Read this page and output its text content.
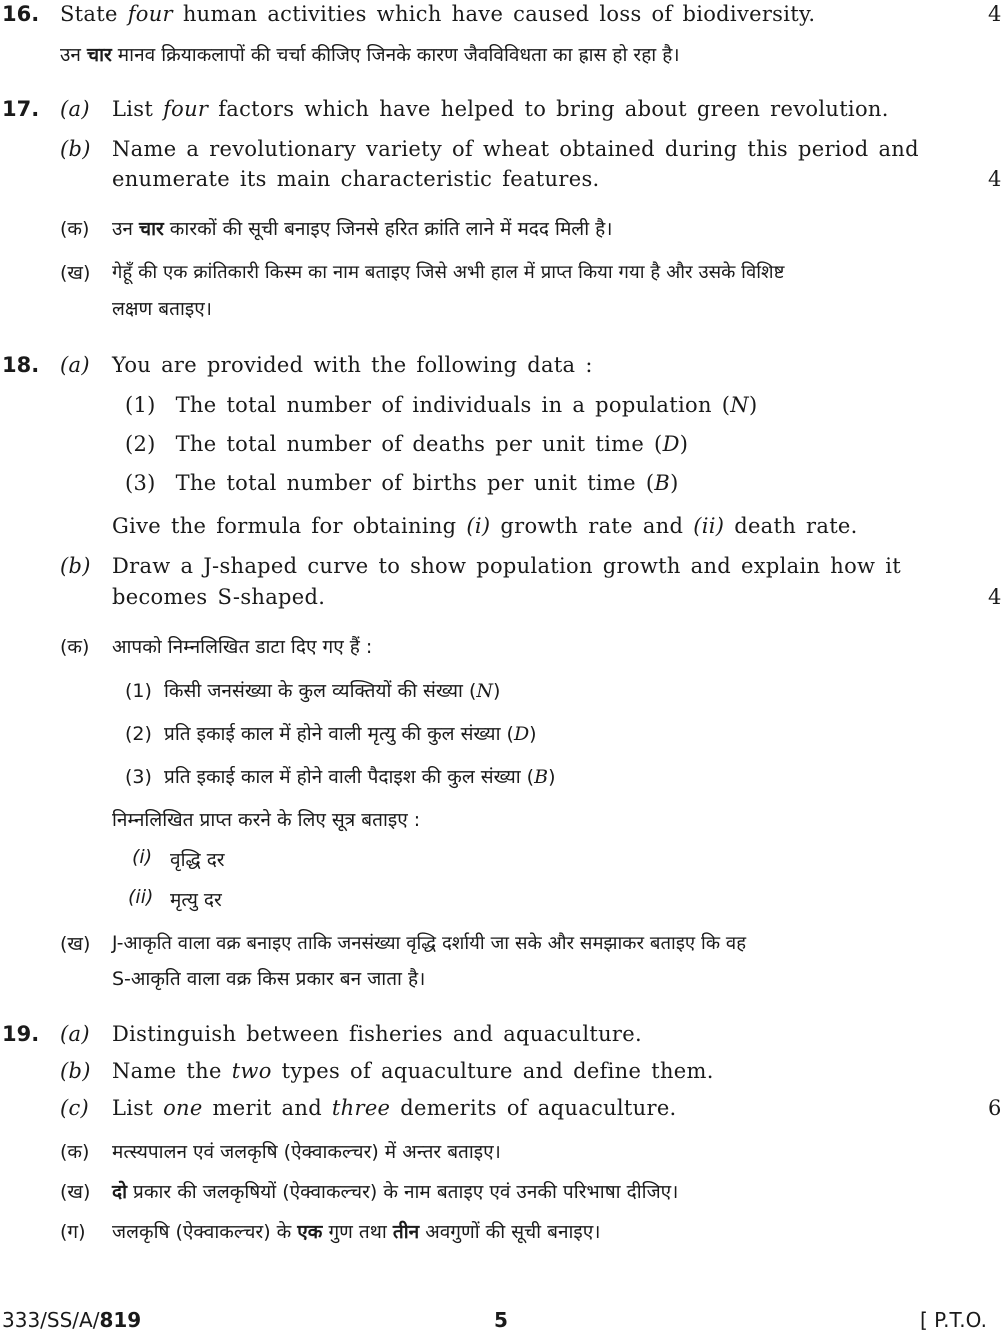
16. State four human activities which have caused loss of biodiversity.	4
उन चार मानव क्रियाकलापों की चर्चा कीजिए जिनके कारण जैवविविधता का ह्रास हो रहा है।
17. (a) List four factors which have helped to bring about green revolution.
(b) Name a revolutionary variety of wheat obtained during this period and
enumerate its main characteristic features.	4
(क) उन चार कारकों की सूची बनाइए जिनसे हरित क्रांति लाने में मदद मिली है।
(ख) गेहूँ की एक क्रांतिकारी किस्म का नाम बताइए जिसे अभी हाल में प्राप्त किया गया है और उसके विशिष्ट
लक्षण बताइए।
18. (a) You are provided with the following data :
(1) The total number of individuals in a population (N)
(2) The total number of deaths per unit time (D)
(3) The total number of births per unit time (B)
Give the formula for obtaining (i) growth rate and (ii) death rate.
(b) Draw a J-shaped curve to show population growth and explain how it
becomes S-shaped.	4
(क) आपको निम्नलिखित डाटा दिए गए हैं :
(1) किसी जनसंख्या के कुल व्यक्तियों की संख्या (N)
(2) प्रति इकाई काल में होने वाली मृत्यु की कुल संख्या (D)
(3) प्रति इकाई काल में होने वाली पैदाइश की कुल संख्या (B)
निम्नलिखित प्राप्त करने के लिए सूत्र बताइए :
(i) वृद्धि दर
(ii) मृत्यु दर
(ख) J-आकृति वाला वक्र बनाइए ताकि जनसंख्या वृद्धि दर्शायी जा सके और समझाकर बताइए कि वह
S-आकृति वाला वक्र किस प्रकार बन जाता है।
19. (a) Distinguish between fisheries and aquaculture.
(b) Name the two types of aquaculture and define them.
(c) List one merit and three demerits of aquaculture.	6
(क) मत्स्यपालन एवं जलकृषि (ऐक्वाकल्चर) में अन्तर बताइए।
(ख) दो प्रकार की जलकृषियों (ऐक्वाकल्चर) के नाम बताइए एवं उनकी परिभाषा दीजिए।
(ग) जलकृषि (ऐक्वाकल्चर) के एक गुण तथा तीन अवगुणों की सूची बनाइए।
333/SS/A/819	5	[ P.T.O.
